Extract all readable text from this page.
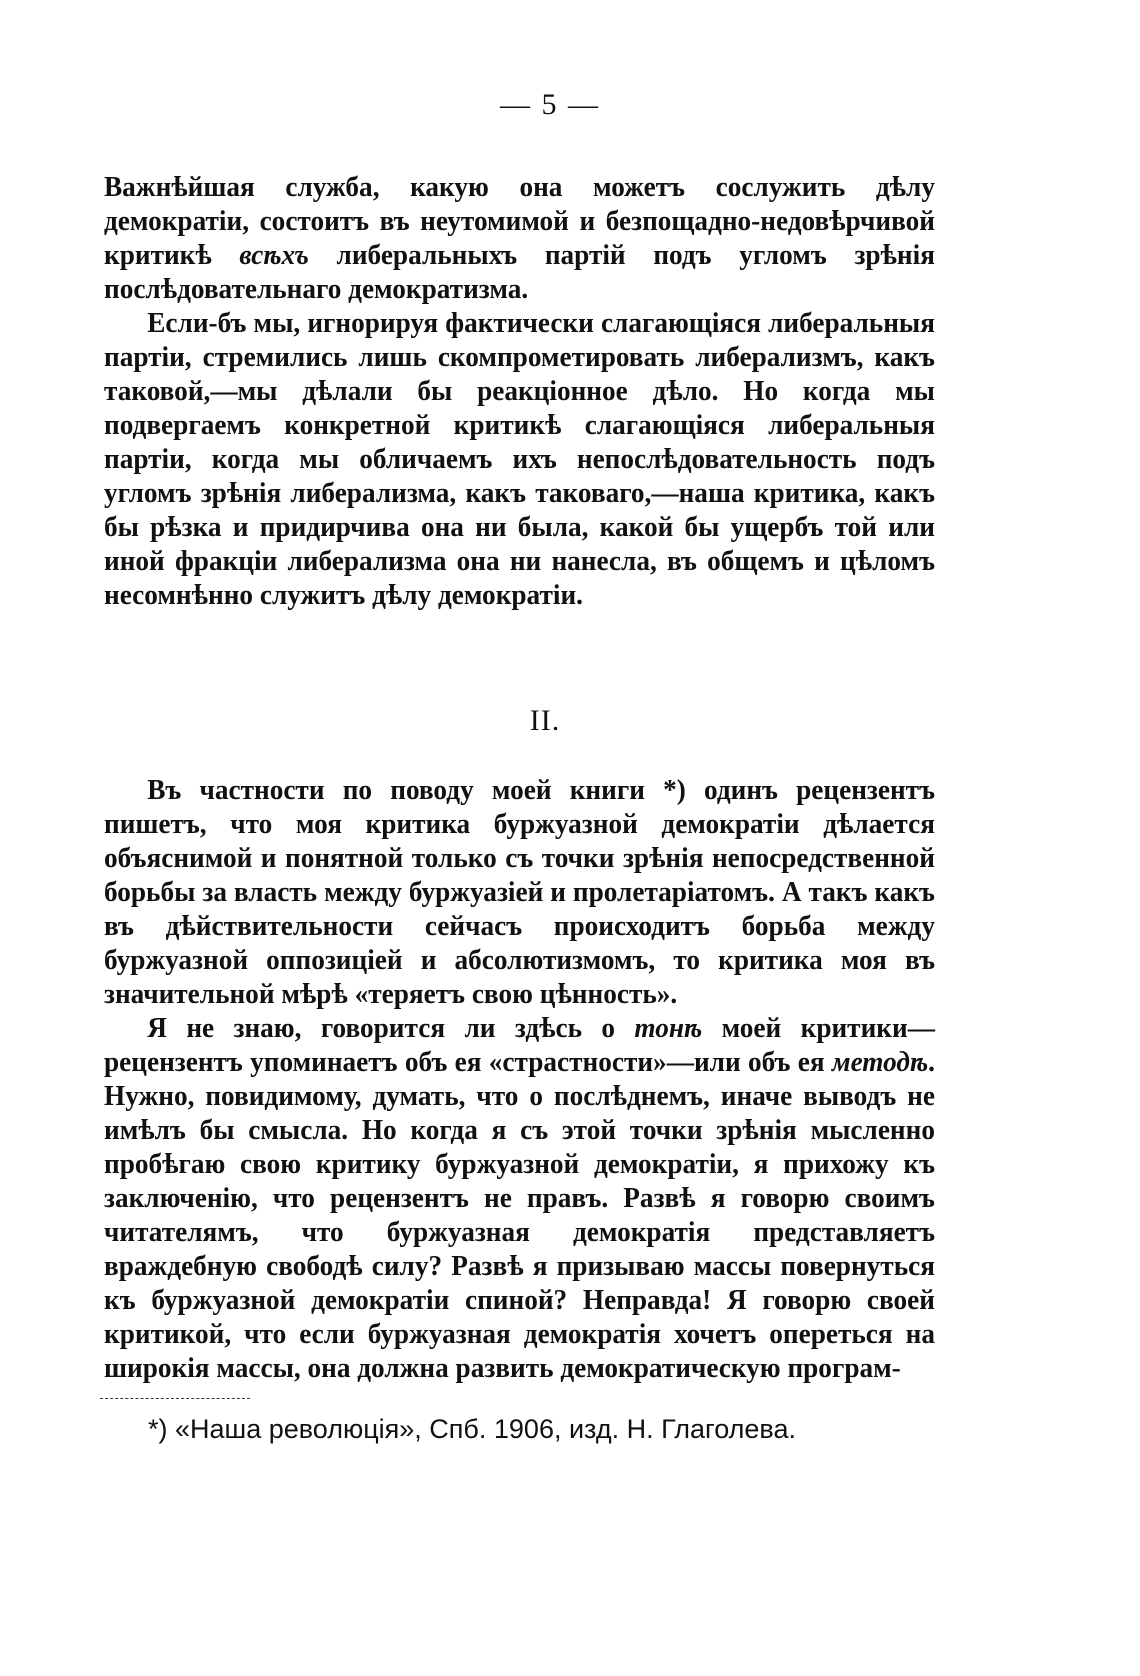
— 5 —

Важнѣйшая служба, какую она можетъ сослужить дѣлу демократіи, состоитъ въ неутомимой и безпощадно-недовѣрчивой критикѣ всѣхъ либеральныхъ партій подъ угломъ зрѣнія послѣдовательнаго демократизма.

Если-бъ мы, игнорируя фактически слагающіяся либеральныя партіи, стремились лишь скомпрометировать либерализмъ, какъ таковой,—мы дѣлали бы реакціонное дѣло. Но когда мы подвергаемъ конкретной критикѣ слагающіяся либеральныя партіи, когда мы обличаемъ ихъ непослѣдовательность подъ угломъ зрѣнія либерализма, какъ таковаго,—наша критика, какъ бы рѣзка и придирчива она ни была, какой бы ущербъ той или иной фракціи либерализма она ни нанесла, въ общемъ и цѣломъ несомнѣнно служитъ дѣлу демократіи.

II.

Въ частности по поводу моей книги *) одинъ рецензентъ пишетъ, что моя критика буржуазной демократіи дѣлается объяснимой и понятной только съ точки зрѣнія непосредственной борьбы за власть между буржуазіей и пролетаріатомъ. А такъ какъ въ дѣйствительности сейчасъ происходитъ борьба между буржуазной оппозиціей и абсолютизмомъ, то критика моя въ значительной мѣрѣ «теряетъ свою цѣнность».

Я не знаю, говорится ли здѣсь о тонѣ моей критики—рецензентъ упоминаетъ объ ея «страстности»—или объ ея методѣ. Нужно, повидимому, думать, что о послѣднемъ, иначе выводъ не имѣлъ бы смысла. Но когда я съ этой точки зрѣнія мысленно пробѣгаю свою критику буржуазной демократіи, я прихожу къ заключенію, что рецензентъ не правъ. Развѣ я говорю своимъ читателямъ, что буржуазная демократія представляетъ враждебную свободѣ силу? Развѣ я призываю массы повернуться къ буржуазной демократіи спиной? Неправда! Я говорю своей критикой, что если буржуазная демократія хочетъ опереться на широкія массы, она должна развить демократическую програм-

*) «Наша революція», Спб. 1906, изд. Н. Глаголева.
